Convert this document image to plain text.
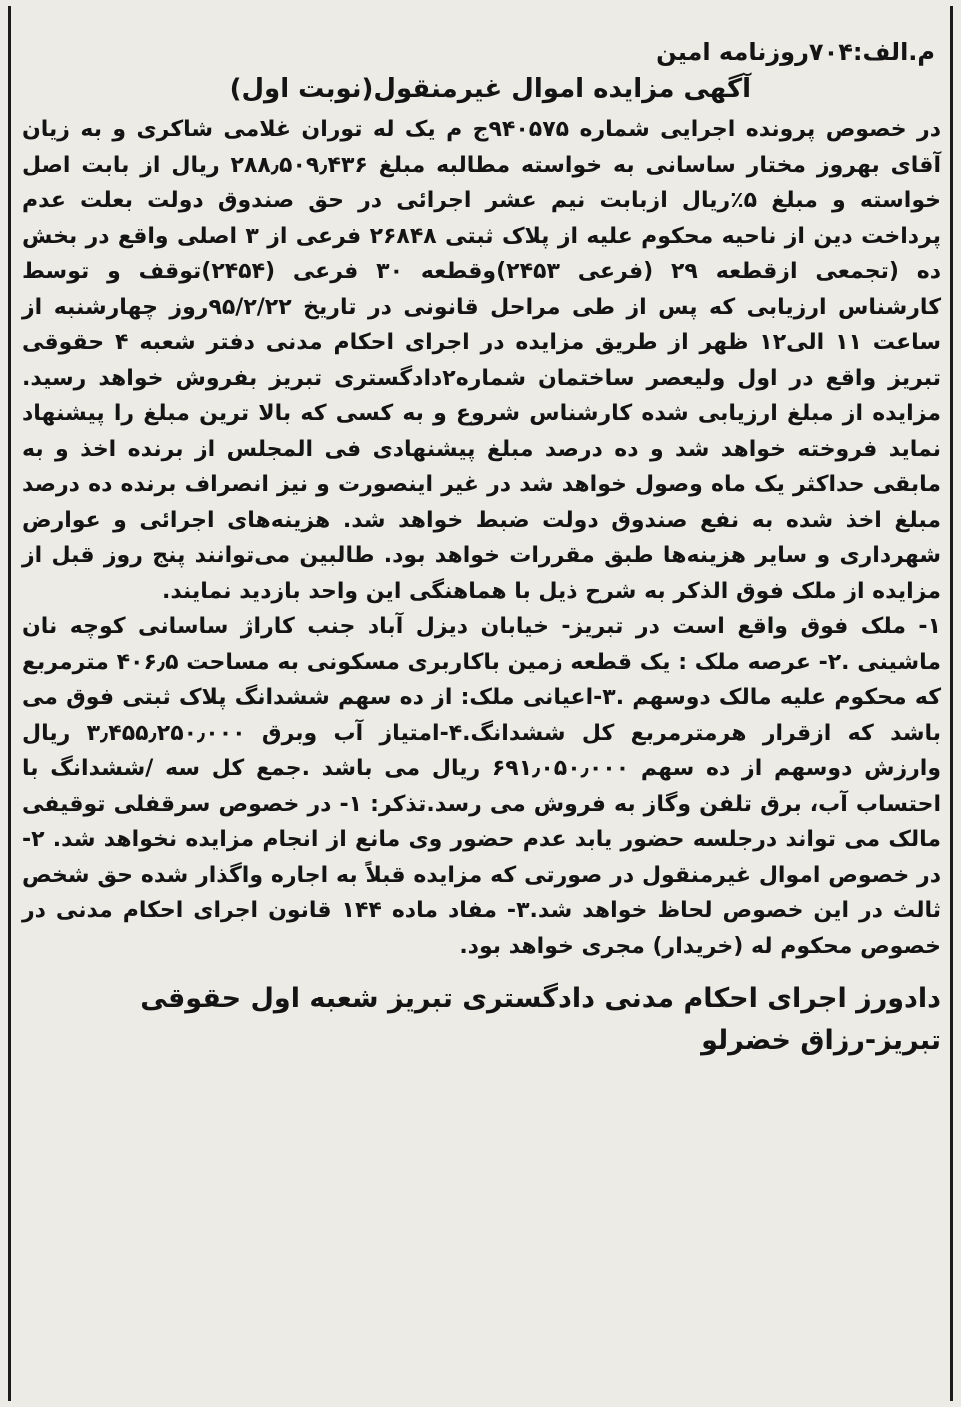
م.الف:۷۰۴روزنامه امین
آگهی مزایده اموال غیرمنقول(نوبت اول)

در خصوص پرونده اجرایی شماره ۹۴۰۵۷۵ج م یک له توران غلامی شاکری و به زیان آقای بهروز مختار ساسانی به خواسته مطالبه مبلغ ۲۸۸٫۵۰۹٫۴۳۶ ریال از بابت اصل خواسته و مبلغ ۵٪ریال ازبابت نیم عشر اجرائی در حق صندوق دولت بعلت عدم پرداخت دین از ناحیه محکوم علیه از پلاک ثبتی ۲۶۸۴۸ فرعی از ۳ اصلی واقع در بخش ده (تجمعی ازقطعه ۲۹ (فرعی ۲۴۵۳)وقطعه ۳۰ فرعی (۲۴۵۴)توقف و توسط کارشناس ارزیابی که پس از طی مراحل قانونی در تاریخ ۹۵/۲/۲۲روز چهارشنبه از ساعت ۱۱ الی۱۲ ظهر از طریق مزایده در اجرای احکام مدنی دفتر شعبه ۴ حقوقی تبریز واقع در اول ولیعصر ساختمان شماره۲دادگستری تبریز بفروش خواهد رسید. مزایده از مبلغ ارزیابی شده کارشناس شروع و به کسی که بالا ترین مبلغ را پیشنهاد نماید فروخته خواهد شد و ده درصد مبلغ پیشنهادی فی المجلس از برنده اخذ و به مابقی حداکثر یک ماه وصول خواهد شد در غیر اینصورت و نیز انصراف برنده ده درصد مبلغ اخذ شده به نفع صندوق دولت ضبط خواهد شد. هزینه‌های اجرائی و عوارض شهرداری و سایر هزینه‌ها طبق مقررات خواهد بود. طالبین می‌توانند پنج روز قبل از مزایده از ملک فوق الذکر به شرح ذیل با هماهنگی این واحد بازدید نمایند.

۱- ملک فوق واقع است در تبریز- خیابان دیزل آباد جنب کاراژ ساسانی کوچه نان ماشینی .۲- عرصه ملک : یک قطعه زمین باکاربری مسکونی به مساحت ۴۰۶٫۵ مترمربع که محکوم علیه مالک دوسهم .۳-اعیانی ملک: از ده سهم ششدانگ پلاک ثبتی فوق می باشد که ازقرار هرمترمربع کل ششدانگ.۴-امتیاز آب وبرق ۳٫۴۵۵٫۲۵۰٫۰۰۰ ریال وارزش دوسهم از ده سهم ۶۹۱٫۰۵۰٫۰۰۰ ریال می باشد .جمع کل سه /ششدانگ با احتساب آب، برق تلفن وگاز به فروش می رسد.تذکر: ۱- در خصوص سرقفلی توقیفی مالک می تواند درجلسه حضور یابد عدم حضور وی مانع از انجام مزایده نخواهد شد. ۲- در خصوص اموال غیرمنقول در صورتی که مزایده قبلاً به اجاره واگذار شده حق شخص ثالث در این خصوص لحاظ خواهد شد.۳- مفاد ماده ۱۴۴ قانون اجرای احکام مدنی در خصوص محکوم له (خریدار) مجری خواهد بود.

دادورز اجرای احکام مدنی دادگستری تبریز شعبه اول حقوقی
تبریز-رزاق خضرلو
